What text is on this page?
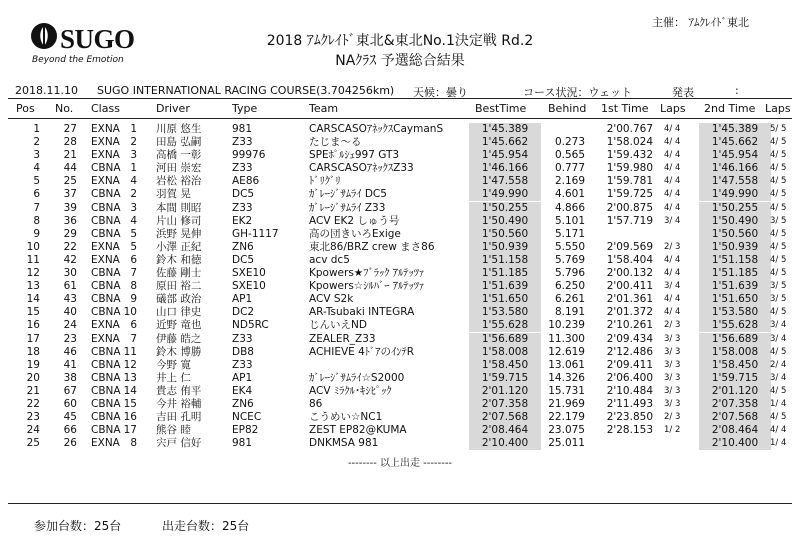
SUGO
Beyond the Emotion
主催： ｱﾑｸﾚｲﾄﾞ東北
2018 ｱﾑｸﾚｲﾄﾞ東北&東北No.1決定戦 Rd.2
NAｸﾗｽ 予選総合結果
2018.11.10 SUGO INTERNATIONAL RACING COURSE(3.704256km) 天候：曇り	コース状況：ウェット	発表	:
Pos No. Class	Driver	Type	Team	BestTime Behind 1st Time Laps 2nd Time Laps
1	27 EXNA 1 川原 悠生	981	CARSCASOｱﾈｯｸｽCaymanS	1'45.389	2'00.767 4/ 4	1'45.389	5/ 5
2	28 EXNA 2 田島 弘嗣	Z33	たじま～る	1'45.662	0.273	1'58.024 4/ 4	1'45.662	4/ 5
3	21 EXNA 3 高橋 一彰	99976	SPEﾎﾟﾙｼｪ997 GT3	1'45.954	0.565	1'59.432 4/ 4	1'45.954	4/ 5
4	44 CBNA 1 河田 崇宏	Z33	CARSCASOｱﾈｯｸｽZ33	1'46.166	0.777	1'59.980 4/ 4	1'46.166	4/ 5
5	25 EXNA 4 岩松 裕治	AE86	ﾄﾞﾘｸﾞﾘ	1'47.558	2.169	1'59.781 4/ 4	1'47.558	4/ 5
6	37 CBNA 2 羽賀 晃	DC5	ｶﾞﾚｰｼﾞｻﾑﾗｲ DC5	1'49.990	4.601	1'59.725 4/ 4	1'49.990	4/ 5
7	39 CBNA 3 本間 則昭	Z33	ｶﾞﾚｰｼﾞｻﾑﾗｲ Z33	1'50.255	4.866	2'00.875 4/ 4	1'50.255	4/ 5
8	36 CBNA 4 片山 修司	EK2	ACV EK2 しゅう号	1'50.490	5.101	1'57.719 3/ 4	1'50.490	3/ 5
9	29 CBNA 5 浜野 晃伸	GH-1117	高の団きいろExige	1'50.560	5.171	1'50.560	4/ 5
10	22 EXNA 5 小澤 正紀	ZN6	東北86/BRZ crew まさ86	1'50.939	5.550	2'09.569 2/ 3	1'50.939	4/ 5
11	42 EXNA 6 鈴木 和徳	DC5	acv dc5	1'51.158	5.769	1'58.404 4/ 4	1'51.158	4/ 5
12	30 CBNA 7 佐藤 剛士	SXE10	Kpowers★ﾌﾞﾗｯｸ ｱﾙﾃｯﾂｧ	1'51.185	5.796	2'00.132 4/ 4	1'51.185	4/ 5
13	61 CBNA 8 原田 裕二	SXE10	Kpowers☆ｼﾙﾊﾞｰ ｱﾙﾃｯﾂｧ	1'51.639	6.250	2'00.411 3/ 4	1'51.639	3/ 5
14	43 CBNA 9 礒部 政治	AP1	ACV S2k	1'51.650	6.261	2'01.361 4/ 4	1'51.650	3/ 5
15	40 CBNA 10 山口 律史	DC2	AR-Tsubaki INTEGRA	1'53.580	8.191	2'01.372 4/ 4	1'53.580	4/ 5
16	24 EXNA 6 近野 竜也	ND5RC	じんいえND	1'55.628	10.239	2'10.261 2/ 3	1'55.628	3/ 4
17	23 EXNA 7 伊藤 皓之	Z33	ZEALER_Z33	1'56.689	11.300	2'09.434 3/ 3	1'56.689	3/ 4
18	46 CBNA 11 鈴木 博勝	DB8	ACHIEVE 4ﾄﾞｱのｲﾝﾃR	1'58.008	12.619	2'12.486 3/ 3	1'58.008	4/ 5
19	41 CBNA 12 今野 寛	Z33	1'58.450	13.061	2'09.411 3/ 3	1'58.450	2/ 4
20	38 CBNA 13 井上 仁	AP1	ｶﾞﾚｰｼﾞｻﾑﾗｲ☆S2000	1'59.715	14.326	2'06.400 3/ 3	1'59.715	3/ 4
21	67 CBNA 14 貴志 侑平	EK4	ACV ﾐﾗｸﾙ･ｷｼﾋﾟｯｸ	2'01.120	15.731	2'10.484 3/ 3	2'01.120	4/ 5
22	60 CBNA 15 今井 裕輔	ZN6	86	2'07.358	21.969	2'11.493 3/ 3	2'07.358	1/ 4
23	45 CBNA 16 吉田 孔明	NCEC	こうめい☆NC1	2'07.568	22.179	2'23.850 2/ 3	2'07.568	4/ 5
24	66 CBNA 17 熊谷 睦	EP82	ZEST EP82@KUMA	2'08.464	23.075	2'28.153 1/ 2	2'08.464	4/ 4
25	26 EXNA 8 宍戸 信好	981	DNKMSA 981	2'10.400	25.011	2'10.400	1/ 4
-------- 以上出走 --------
参加台数：25台	出走台数：25台
